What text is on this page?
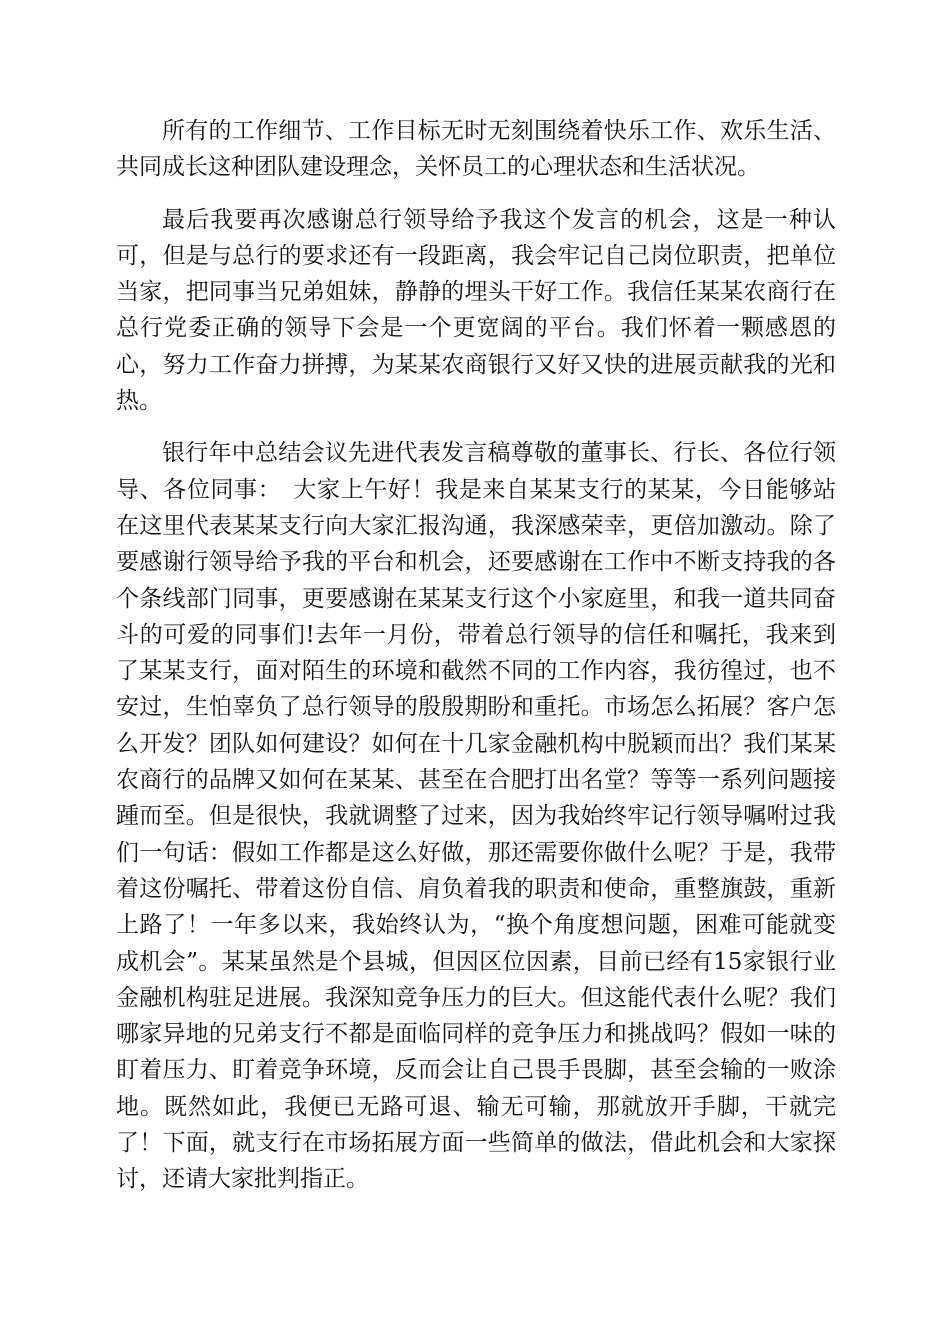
所有的工作细节、工作目标无时无刻围绕着快乐工作、欢乐生活、共同成长这种团队建设理念，关怀员工的心理状态和生活状况。

最后我要再次感谢总行领导给予我这个发言的机会，这是一种认可，但是与总行的要求还有一段距离，我会牢记自己岗位职责，把单位当家，把同事当兄弟姐妹，静静的埋头干好工作。我信任某某农商行在总行党委正确的领导下会是一个更宽阔的平台。我们怀着一颗感恩的心，努力工作奋力拼搏，为某某农商银行又好又快的进展贡献我的光和热。

银行年中总结会议先进代表发言稿尊敬的董事长、行长、各位行领导、各位同事：　大家上午好！我是来自某某支行的某某，今日能够站在这里代表某某支行向大家汇报沟通，我深感荣幸，更倍加激动。除了要感谢行领导给予我的平台和机会，还要感谢在工作中不断支持我的各个条线部门同事，更要感谢在某某支行这个小家庭里，和我一道共同奋斗的可爱的同事们!去年一月份，带着总行领导的信任和嘱托，我来到了某某支行，面对陌生的环境和截然不同的工作内容，我彷徨过，也不安过，生怕辜负了总行领导的殷殷期盼和重托。市场怎么拓展？客户怎么开发？团队如何建设？如何在十几家金融机构中脱颖而出？我们某某农商行的品牌又如何在某某、甚至在合肥打出名堂？等等一系列问题接踵而至。但是很快，我就调整了过来，因为我始终牢记行领导嘱咐过我们一句话：假如工作都是这么好做，那还需要你做什么呢？于是，我带着这份嘱托、带着这份自信、肩负着我的职责和使命，重整旗鼓，重新上路了！一年多以来，我始终认为，“换个角度想问题，困难可能就变成机会”。某某虽然是个县城，但因区位因素，目前已经有15家银行业金融机构驻足进展。我深知竞争压力的巨大。但这能代表什么呢？我们哪家异地的兄弟支行不都是面临同样的竞争压力和挑战吗？假如一味的盯着压力、盯着竞争环境，反而会让自己畏手畏脚，甚至会输的一败涂地。既然如此，我便已无路可退、输无可输，那就放开手脚，干就完了！下面，就支行在市场拓展方面一些简单的做法，借此机会和大家探讨，还请大家批判指正。
